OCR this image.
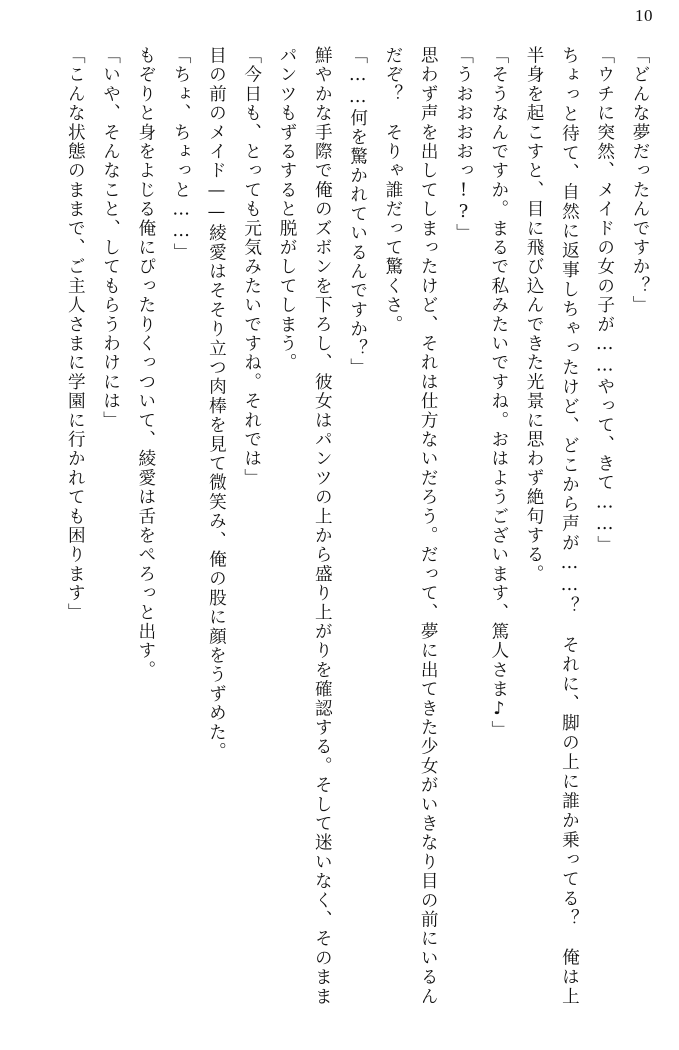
10

「どんな夢だったんですか？」

「ウチに突然、メイドの女の子が……やって、きて……」

ちょっと待て、自然に返事しちゃったけど、どこから声が……？　それに、脚の上に誰か乗ってる？　俺は上半身を起こすと、目に飛び込んできた光景に思わず絶句する。

「そうなんですか。まるで私みたいですね。おはようございます、篤人さま♪」

「うおおおおっ!?」

思わず声を出してしまったけど、それは仕方ないだろう。だって、夢に出てきた少女がいきなり目の前にいるんだぞ？　そりゃ誰だって驚くさ。

「……何を驚かれているんですか？」

鮮やかな手際で俺のズボンを下ろし、彼女はパンツの上から盛り上がりを確認する。そして迷いなく、そのままパンツもずるすると脱がしてしまう。

「今日も、とっても元気みたいですね。それでは」

目の前のメイド——綾愛はそそり立つ肉棒を見て微笑み、俺の股に顔をうずめた。

「ちょ、ちょっと……」

もぞりと身をよじる俺にぴったりくっついて、綾愛は舌をぺろっと出す。

「いや、そんなこと、してもらうわけには」

「こんな状態のままで、ご主人さまに学園に行かれても困ります」
